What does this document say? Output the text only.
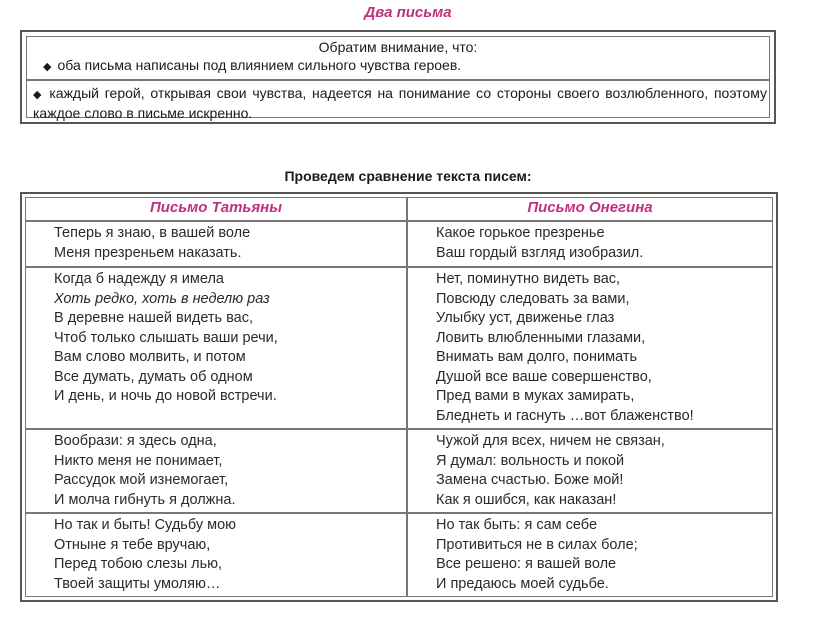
Два письма
Обратим внимание, что:
◆ оба письма написаны под влиянием сильного чувства героев.
◆ каждый герой, открывая свои чувства, надеется на понимание со стороны своего возлюбленного, поэтому каждое слово в письме искренно.
Проведем сравнение текста писем:
Письмо Татьяны	Письмо Онегина
Теперь я знаю, в вашей воле
Меня презреньем наказать.
Какое горькое презренье
Ваш гордый взгляд изобразил.
Когда б надежду я имела
Хоть редко, хоть в неделю раз
В деревне нашей видеть вас,
Чтоб только слышать ваши речи,
Вам слово молвить, и потом
Все думать, думать об одном
И день, и ночь до новой встречи.
Нет, поминутно видеть вас,
Повсюду следовать за вами,
Улыбку уст, движенье глаз
Ловить влюбленными глазами,
Внимать вам долго, понимать
Душой все ваше совершенство,
Пред вами в муках замирать,
Бледнеть и гаснуть …вот блаженство!
Вообрази: я здесь одна,
Никто меня не понимает,
Рассудок мой изнемогает,
И молча гибнуть я должна.
Чужой для всех, ничем не связан,
Я думал: вольность и покой
Замена счастью. Боже мой!
Как я ошибся, как наказан!
Но так и быть! Судьбу мою
Отныне я тебе вручаю,
Перед тобою слезы лью,
Твоей защиты умоляю…
Но так быть: я сам себе
Противиться не в силах боле;
Все решено: я вашей воле
И предаюсь моей судьбе.
